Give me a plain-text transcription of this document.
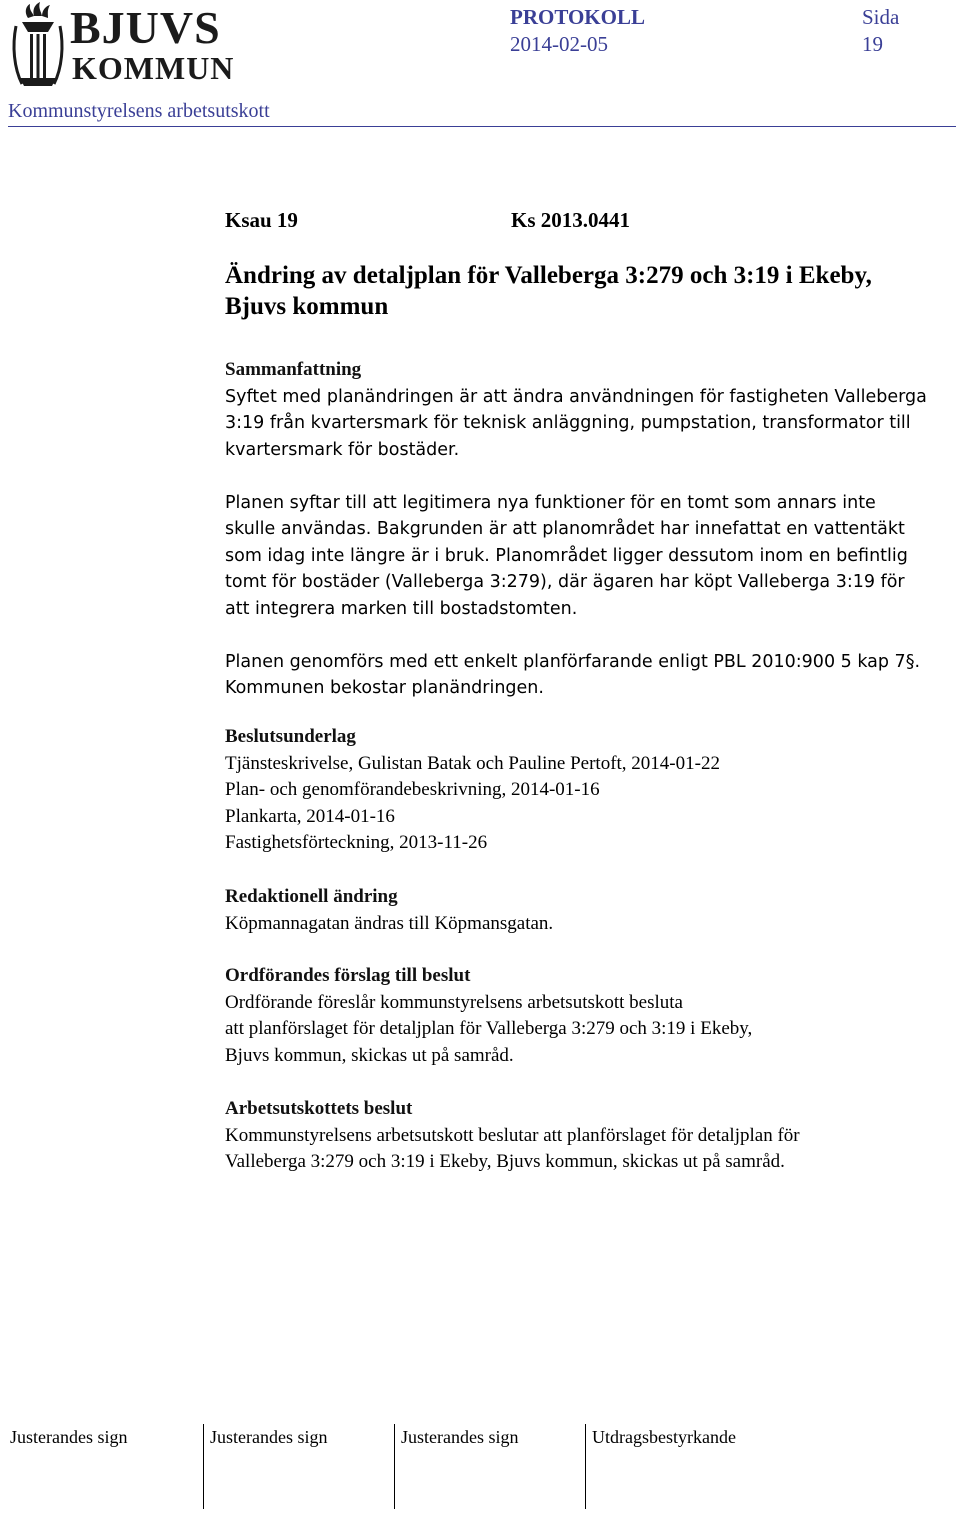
BJUVS
KOMMUN
PROTOKOLL
2014-02-05
Sida
19
Kommunstyrelsens arbetsutskott
Ksau 19	Ks 2013.0441
Ändring av detaljplan för Valleberga 3:279 och 3:19 i Ekeby,
Bjuvs kommun
Sammanfattning
Syftet med planändringen är att ändra användningen för fastigheten Valleberga
3:19 från kvartersmark för teknisk anläggning, pumpstation, transformator till
kvartersmark för bostäder.
Planen syftar till att legitimera nya funktioner för en tomt som annars inte
skulle användas. Bakgrunden är att planområdet har innefattat en vattentäkt
som idag inte längre är i bruk. Planområdet ligger dessutom inom en befintlig
tomt för bostäder (Valleberga 3:279), där ägaren har köpt Valleberga 3:19 för
att integrera marken till bostadstomten.
Planen genomförs med ett enkelt planförfarande enligt PBL 2010:900 5 kap 7§.
Kommunen bekostar planändringen.
Beslutsunderlag
Tjänsteskrivelse, Gulistan Batak och Pauline Pertoft, 2014-01-22
Plan- och genomförandebeskrivning, 2014-01-16
Plankarta, 2014-01-16
Fastighetsförteckning, 2013-11-26
Redaktionell ändring
Köpmannagatan ändras till Köpmansgatan.
Ordförandes förslag till beslut
Ordförande föreslår kommunstyrelsens arbetsutskott besluta
att planförslaget för detaljplan för Valleberga 3:279 och 3:19 i Ekeby,
Bjuvs kommun, skickas ut på samråd.
Arbetsutskottets beslut
Kommunstyrelsens arbetsutskott beslutar att planförslaget för detaljplan för
Valleberga 3:279 och 3:19 i Ekeby, Bjuvs kommun, skickas ut på samråd.
Justerandes sign	Justerandes sign	Justerandes sign	Utdragsbestyrkande
